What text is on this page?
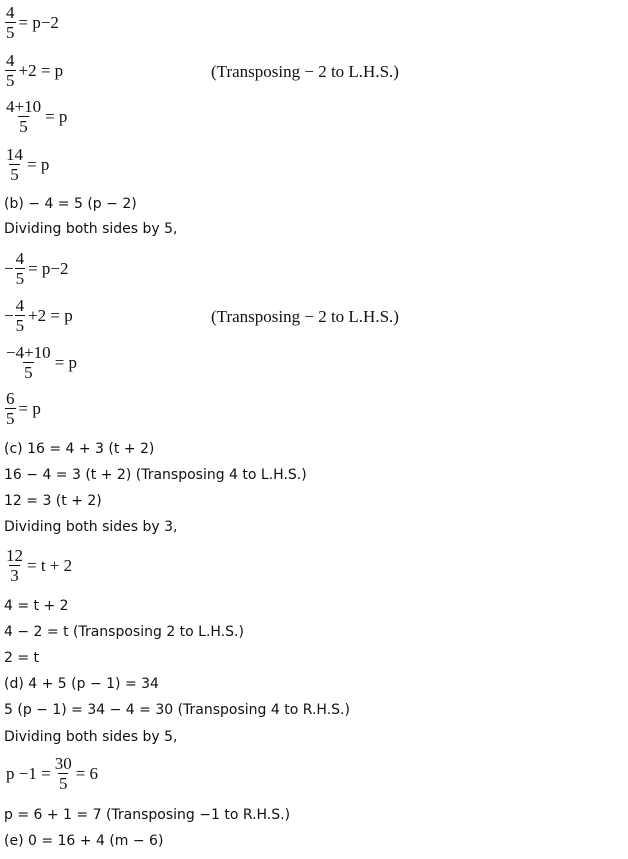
$\frac{4}{5} = p-2$
$\frac{4}{5} +2 = p$	(Transposing − 2 to L.H.S.)
$\frac{4+10}{5} = p$
$\frac{14}{5} = p$
(b) − 4 = 5 (p − 2)
Dividing both sides by 5,
− $\frac{4}{5} = p-2$
− $\frac{4}{5} +2 = p$	(Transposing − 2 to L.H.S.)
$\frac{-4+10}{5} = p$
$\frac{6}{5} = p$
(c) 16 = 4 + 3 (t + 2)
16 − 4 = 3 (t + 2) (Transposing 4 to L.H.S.)
12 = 3 (t + 2)
Dividing both sides by 3,
$\frac{12}{3} = t + 2$
4 = t + 2
4 − 2 = t (Transposing 2 to L.H.S.)
2 = t
(d) 4 + 5 (p − 1) = 34
5 (p − 1) = 34 − 4 = 30 (Transposing 4 to R.H.S.)
Dividing both sides by 5,
$p -1 = \frac{30}{5} = 6$
p = 6 + 1 = 7 (Transposing −1 to R.H.S.)
(e) 0 = 16 + 4 (m − 6)
